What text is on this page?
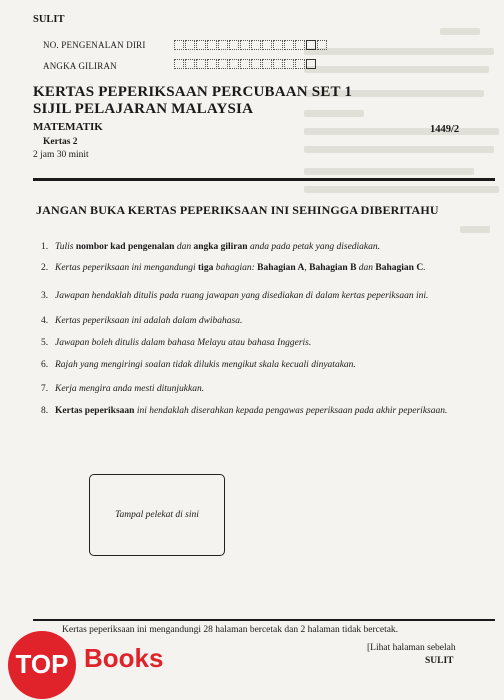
SULIT
NO. PENGENALAN DIRI
ANGKA GILIRAN
KERTAS PEPERIKSAAN PERCUBAAN SET 1
SIJIL PELAJARAN MALAYSIA
MATEMATIK	1449/2
Kertas 2
2 jam 30 minit
JANGAN BUKA KERTAS PEPERIKSAAN INI SEHINGGA DIBERITAHU
1. Tulis nombor kad pengenalan dan angka giliran anda pada petak yang disediakan.
2. Kertas peperiksaan ini mengandungi tiga bahagian: Bahagian A, Bahagian B dan Bahagian C.
3. Jawapan hendaklah ditulis pada ruang jawapan yang disediakan di dalam kertas peperiksaan ini.
4. Kertas peperiksaan ini adalah dalam dwibahasa.
5. Jawapan boleh ditulis dalam bahasa Melayu atau bahasa Inggeris.
6. Rajah yang mengiringi soalan tidak dilukis mengikut skala kecuali dinyatakan.
7. Kerja mengira anda mesti ditunjukkan.
8. Kertas peperiksaan ini hendaklah diserahkan kepada pengawas peperiksaan pada akhir peperiksaan.
Tampal pelekat di sini
Kertas peperiksaan ini mengandungi 28 halaman bercetak dan 2 halaman tidak bercetak.
[Lihat halaman sebelah
SULIT
TOP Books
